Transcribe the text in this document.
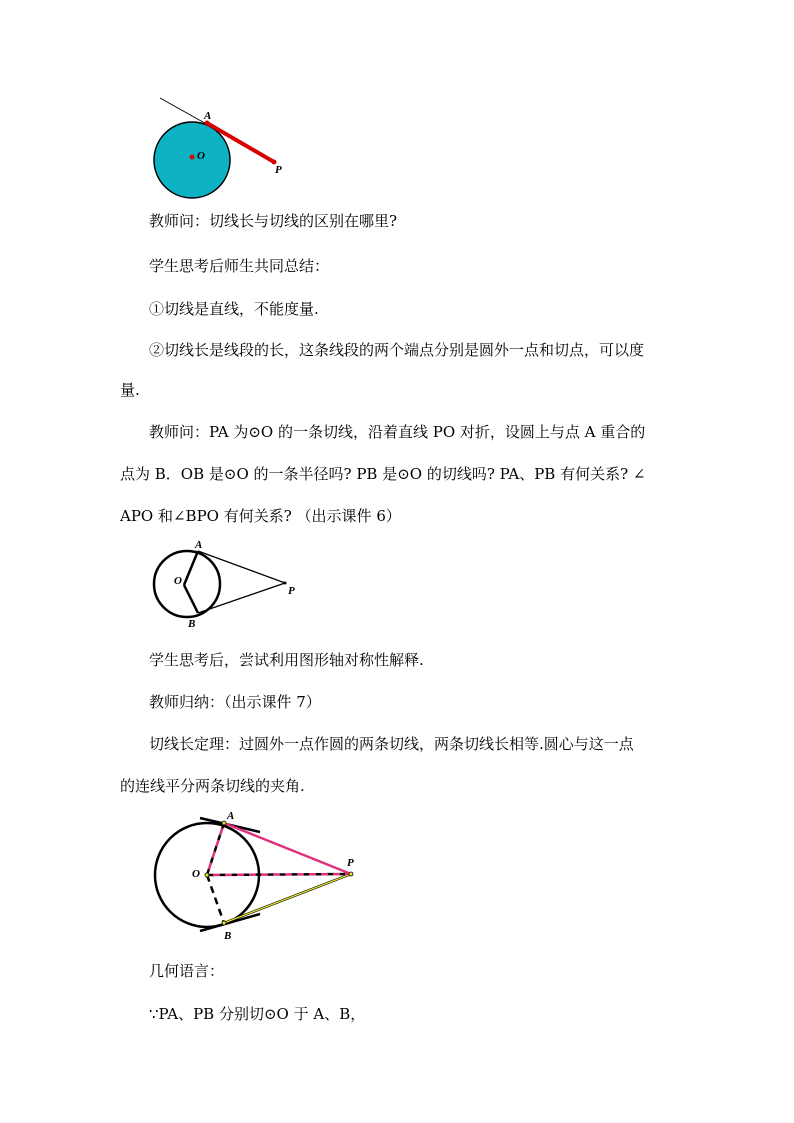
A
O
P

教师问：切线长与切线的区别在哪里?

学生思考后师生共同总结：

①切线是直线，不能度量.

②切线长是线段的长，这条线段的两个端点分别是圆外一点和切点，可以度

量.

教师问：PA 为⊙O 的一条切线，沿着直线 PO 对折，设圆上与点 A 重合的

点为 B．OB 是⊙O 的一条半径吗? PB 是⊙O 的切线吗? PA、PB 有何关系? ∠

APO 和∠BPO 有何关系? （出示课件 6）

A
O
B
P

学生思考后，尝试利用图形轴对称性解释.

教师归纳：（出示课件 7）

切线长定理：过圆外一点作圆的两条切线，两条切线长相等.圆心与这一点

的连线平分两条切线的夹角.

A
O
B
P

几何语言：

∵PA、PB 分别切⊙O 于 A、B，
